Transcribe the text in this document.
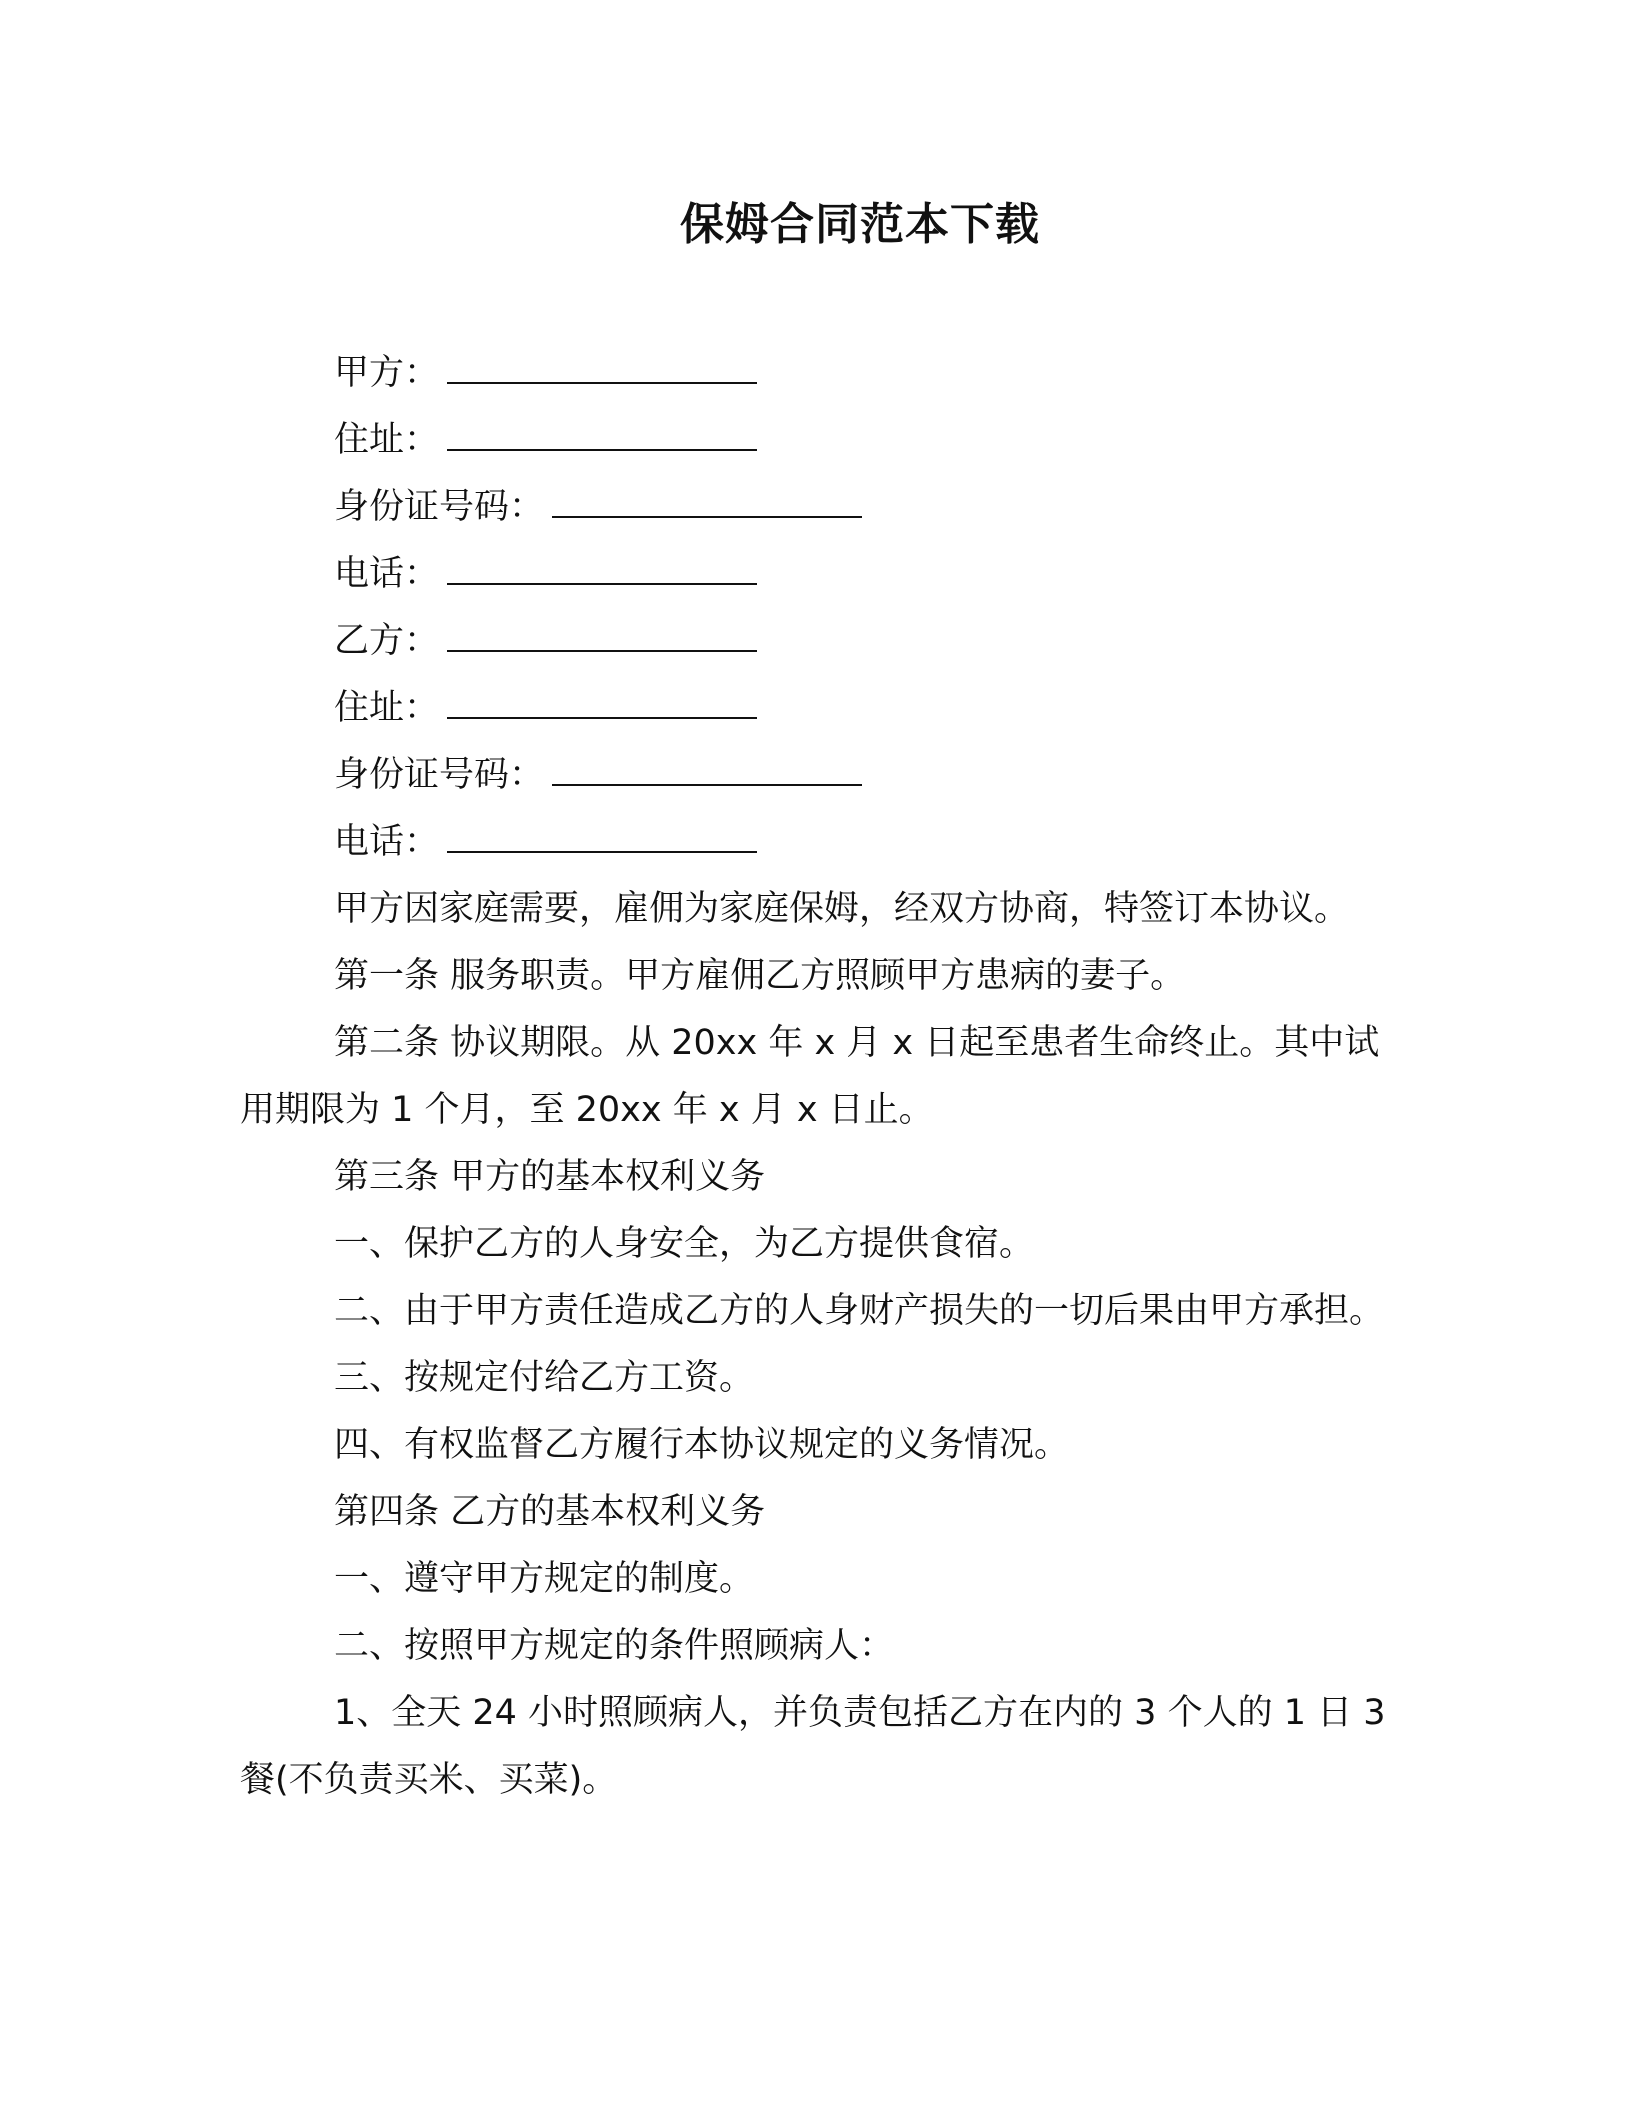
保姆合同范本下载

甲方：

住址：

身份证号码：

电话：

乙方：

住址：

身份证号码：

电话：

甲方因家庭需要，雇佣为家庭保姆，经双方协商，特签订本协议。

第一条 服务职责。甲方雇佣乙方照顾甲方患病的妻子。

第二条 协议期限。从 20xx 年 x 月 x 日起至患者生命终止。其中试用期限为 1 个月，至 20xx 年 x 月 x 日止。

第三条 甲方的基本权利义务

一、保护乙方的人身安全，为乙方提供食宿。

二、由于甲方责任造成乙方的人身财产损失的一切后果由甲方承担。

三、按规定付给乙方工资。

四、有权监督乙方履行本协议规定的义务情况。

第四条 乙方的基本权利义务

一、遵守甲方规定的制度。

二、按照甲方规定的条件照顾病人：

1、全天 24 小时照顾病人，并负责包括乙方在内的 3 个人的 1 日 3 餐(不负责买米、买菜)。
